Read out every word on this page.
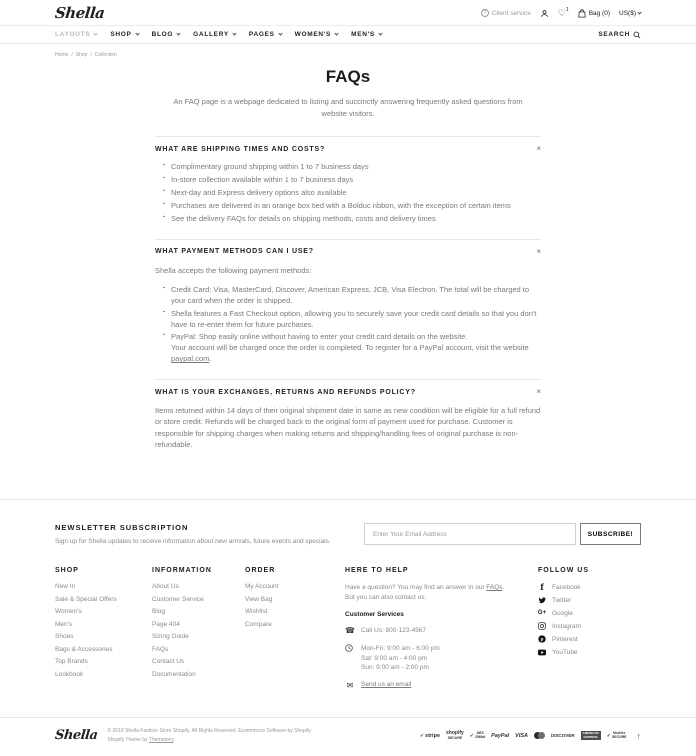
Shella	? Client service	♡ 1	Bag (0) US($)
LAYOUTS	SHOP	BLOG	GALLERY	PAGES	WOMEN'S	MEN'S	SEARCH
Home / Shop / Collection
FAQs

An FAQ page is a webpage dedicated to listing and succinctly answering frequently asked questions from website visitors.

WHAT ARE SHIPPING TIMES AND COSTS?	×
▪ Complimentary ground shipping within 1 to 7 business days
▪ In-store collection available within 1 to 7 business days
▪ Next-day and Express delivery options also available
▪ Purchases are delivered in an orange box tied with a Bolduc ribbon, with the exception of certain items
▪ See the delivery FAQs for details on shipping methods, costs and delivery times
WHAT PAYMENT METHODS CAN I USE?	×

Shella accepts the following payment methods:

▪ Credit Card: Visa, MasterCard, Discover, American Express, JCB, Visa Electron. The total will be charged to your card when the order is shipped.
▪ Shella features a Fast Checkout option, allowing you to securely save your credit card details so that you don't have to re-enter them for future purchases.
▪ PayPal: Shop easily online without having to enter your credit card details on the website.
Your account will be charged once the order is completed. To register for a PayPal account, visit the website paypal.com.
WHAT IS YOUR EXCHANGES, RETURNS AND REFUNDS POLICY?	×

Items returned within 14 days of their original shipment date in same as new condition will be eligible for a full refund or store credit. Refunds will be charged back to the original form of payment used for purchase. Customer is responsible for shipping charges when making returns and shipping/handling fees of original purchase is non-refundable.

NEWSLETTER SUBSCRIPTION
Sign up for Shella updates to receive information about new arrivals, future events and specials.
Enter Your Email Address
SUBSCRIBE!
SHOP
New In
Sale & Special Offers
Women's
Men's
Shoes
Bags & Accessories
Top Brands
Lookbook
INFORMATION
About Us
Customer Service
Blog
Page 404
Sizing Guide
FAQs
Contact Us
Documentation
ORDER
My Account
View Bag
Wishlist
Compare
HERE TO HELP

Have a question? You may find an answer in our FAQs.
But you can also contact us:

Customer Services
☎ Call Us: 800-123-4567
Mon-Fri: 9:00 am - 6:00 pm
Sat: 9:00 am - 4:00 pm
Sun: 9:00 am - 2:00 pm
✉ Send us an email
FOLLOW US
f Facebook
Twitter
G+ Google
Instagram
p Pinterest
YouTube
Shella © 2018 Shella Fashion Store Shopify. All Rights Reserved. Ecommerce Software by Shopify.
Shopify Theme by Themetony.
✓ stripe
shopify
SECURE ✓ AES
256bit PayPal VISA	DISCOVER	AMERICAN
EXPRESS	✓ McAfee
SECURE ↑
